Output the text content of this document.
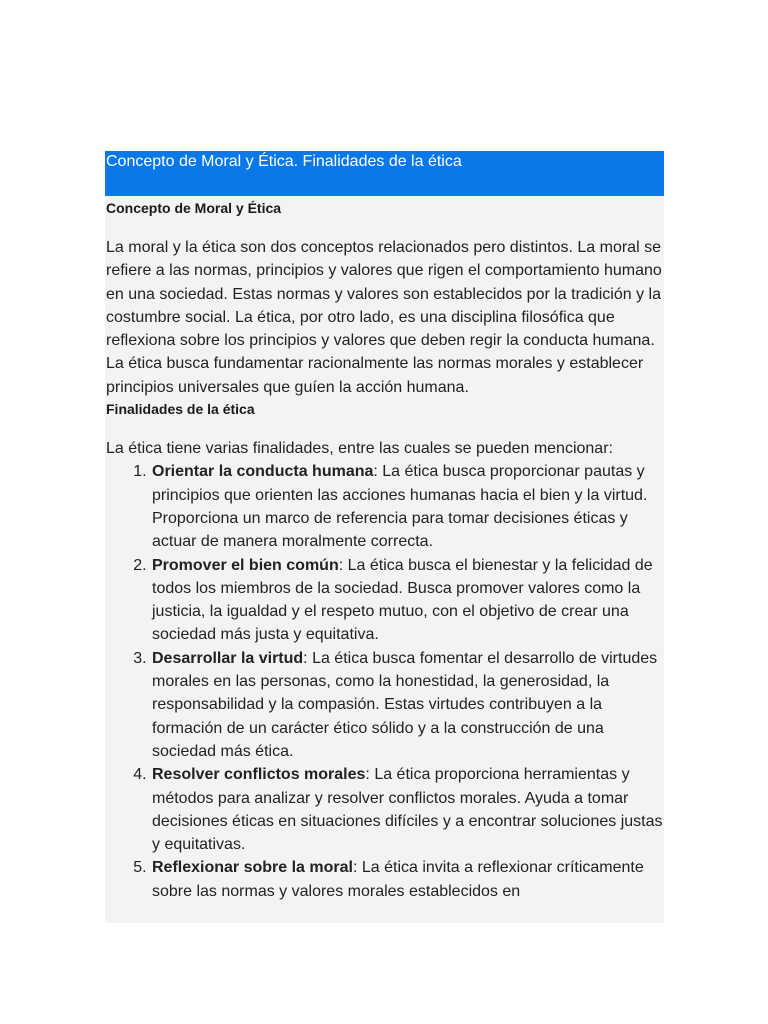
Concepto de Moral y Ética. Finalidades de la ética

Concepto de Moral y Ética

La moral y la ética son dos conceptos relacionados pero distintos. La moral se refiere a las normas, principios y valores que rigen el comportamiento humano en una sociedad. Estas normas y valores son establecidos por la tradición y la costumbre social. La ética, por otro lado, es una disciplina filosófica que reflexiona sobre los principios y valores que deben regir la conducta humana. La ética busca fundamentar racionalmente las normas morales y establecer principios universales que guíen la acción humana.

Finalidades de la ética

La ética tiene varias finalidades, entre las cuales se pueden mencionar:

1. Orientar la conducta humana: La ética busca proporcionar pautas y principios que orienten las acciones humanas hacia el bien y la virtud. Proporciona un marco de referencia para tomar decisiones éticas y actuar de manera moralmente correcta.
2. Promover el bien común: La ética busca el bienestar y la felicidad de todos los miembros de la sociedad. Busca promover valores como la justicia, la igualdad y el respeto mutuo, con el objetivo de crear una sociedad más justa y equitativa.
3. Desarrollar la virtud: La ética busca fomentar el desarrollo de virtudes morales en las personas, como la honestidad, la generosidad, la responsabilidad y la compasión. Estas virtudes contribuyen a la formación de un carácter ético sólido y a la construcción de una sociedad más ética.
4. Resolver conflictos morales: La ética proporciona herramientas y métodos para analizar y resolver conflictos morales. Ayuda a tomar decisiones éticas en situaciones difíciles y a encontrar soluciones justas y equitativas.
5. Reflexionar sobre la moral: La ética invita a reflexionar críticamente sobre las normas y valores morales establecidos en
